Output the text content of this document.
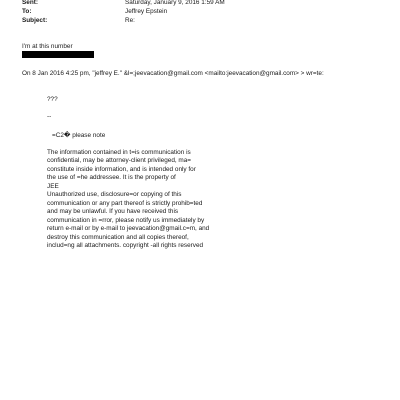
Sent:	Saturday, January 9, 2016 1:59 AM
To:	Jeffrey Epstein
Subject:	Re:
I'm at this number
On 8 Jan 2016 4:25 pm, "jeffrey E." &l=;jeevacation@gmail.com <mailto:jeevacation@gmail.com> > wr=te:
???
--
=C2� please note
The information contained in t=is communication is
confidential, may be attorney-client privileged, ma=
constitute inside information, and is intended only for
the use of =he addressee. It is the property of
JEE
Unauthorized use, disclosure=or copying of this
communication or any part thereof is strictly prohib=ted
and may be unlawful. If you have received this
communication in =rror, please notify us immediately by
return e-mail or by e-mail to jeevacation@gmail.c=m, and
destroy this communication and all copies thereof,
includ=ng all attachments. copyright -all rights reserved
